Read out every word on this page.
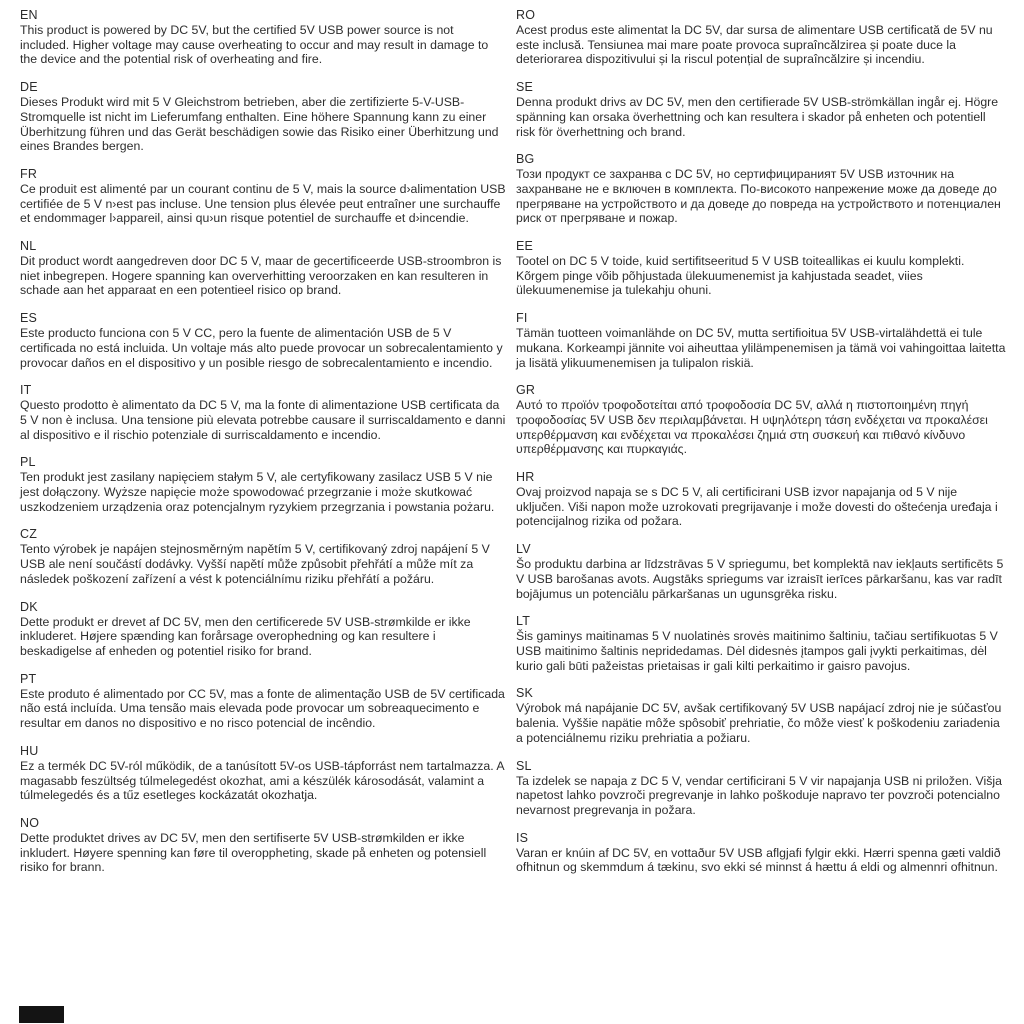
EN
This product is powered by DC 5V, but the certified 5V USB power source is not included. Higher voltage may cause overheating to occur and may result in damage to the device and the potential risk of overheating and fire.
DE
Dieses Produkt wird mit 5 V Gleichstrom betrieben, aber die zertifizierte 5-V-USB-Stromquelle ist nicht im Lieferumfang enthalten. Eine höhere Spannung kann zu einer Überhitzung führen und das Gerät beschädigen sowie das Risiko einer Überhitzung und eines Brandes bergen.
FR
Ce produit est alimenté par un courant continu de 5 V, mais la source d›alimentation USB certifiée de 5 V n›est pas incluse. Une tension plus élevée peut entraîner une surchauffe et endommager l›appareil, ainsi qu›un risque potentiel de surchauffe et d›incendie.
NL
Dit product wordt aangedreven door DC 5 V, maar de gecertificeerde USB-stroombron is niet inbegrepen. Hogere spanning kan oververhitting veroorzaken en kan resulteren in schade aan het apparaat en een potentieel risico op brand.
ES
Este producto funciona con 5 V CC, pero la fuente de alimentación USB de 5 V certificada no está incluida. Un voltaje más alto puede provocar un sobrecalentamiento y provocar daños en el dispositivo y un posible riesgo de sobrecalentamiento e incendio.
IT
Questo prodotto è alimentato da DC 5 V, ma la fonte di alimentazione USB certificata da 5 V non è inclusa. Una tensione più elevata potrebbe causare il surriscaldamento e danni al dispositivo e il rischio potenziale di surriscaldamento e incendio.
PL
Ten produkt jest zasilany napięciem stałym 5 V, ale certyfikowany zasilacz USB 5 V nie jest dołączony. Wyższe napięcie może spowodować przegrzanie i może skutkować uszkodzeniem urządzenia oraz potencjalnym ryzykiem przegrzania i powstania pożaru.
CZ
Tento výrobek je napájen stejnosměrným napětím 5 V, certifikovaný zdroj napájení 5 V USB ale není součástí dodávky. Vyšší napětí může způsobit přehřátí a může mít za následek poškození zařízení a vést k potenciálnímu riziku přehřátí a požáru.
DK
Dette produkt er drevet af DC 5V, men den certificerede 5V USB-strømkilde er ikke inkluderet. Højere spænding kan forårsage overophedning og kan resultere i beskadigelse af enheden og potentiel risiko for brand.
PT
Este produto é alimentado por CC 5V, mas a fonte de alimentação USB de 5V certificada não está incluída. Uma tensão mais elevada pode provocar um sobreaquecimento e resultar em danos no dispositivo e no risco potencial de incêndio.
HU
Ez a termék DC 5V-ról működik, de a tanúsított 5V-os USB-tápforrást nem tartalmazza. A magasabb feszültség túlmelegedést okozhat, ami a készülék károsodását, valamint a túlmelegedés és a tűz esetleges kockázatát okozhatja.
NO
Dette produktet drives av DC 5V, men den sertifiserte 5V USB-strømkilden er ikke inkludert. Høyere spenning kan føre til overoppheting, skade på enheten og potensiell risiko for brann.
RO
Acest produs este alimentat la DC 5V, dar sursa de alimentare USB certificată de 5V nu este inclusă. Tensiunea mai mare poate provoca supraîncălzirea și poate duce la deteriorarea dispozitivului și la riscul potențial de supraîncălzire și incendiu.
SE
Denna produkt drivs av DC 5V, men den certifierade 5V USB-strömkällan ingår ej. Högre spänning kan orsaka överhettning och kan resultera i skador på enheten och potentiell risk för överhettning och brand.
BG
Този продукт се захранва с DC 5V, но сертифицираният 5V USB източник на захранване не е включен в комплекта. По-високото напрежение може да доведе до прегряване на устройството и да доведе до повреда на устройството и потенциален риск от прегряване и пожар.
EE
Tootel on DC 5 V toide, kuid sertifitseeritud 5 V USB toiteallikas ei kuulu komplekti. Kõrgem pinge võib põhjustada ülekuumenemist ja kahjustada seadet, viies ülekuumenemise ja tulekahju ohuni.
FI
Tämän tuotteen voimanlähde on DC 5V, mutta sertifioitua 5V USB-virtalähdettä ei tule mukana. Korkeampi jännite voi aiheuttaa ylilämpenemisen ja tämä voi vahingoittaa laitetta ja lisätä ylikuumenemisen ja tulipalon riskiä.
GR
Αυτό το προϊόν τροφοδοτείται από τροφοδοσία DC 5V, αλλά η πιστοποιημένη πηγή τροφοδοσίας 5V USB δεν περιλαμβάνεται. Η υψηλότερη τάση ενδέχεται να προκαλέσει υπερθέρμανση και ενδέχεται να προκαλέσει ζημιά στη συσκευή και πιθανό κίνδυνο υπερθέρμανσης και πυρκαγιάς.
HR
Ovaj proizvod napaja se s DC 5 V, ali certificirani USB izvor napajanja od 5 V nije uključen. Viši napon može uzrokovati pregrijavanje i može dovesti do oštećenja uređaja i potencijalnog rizika od požara.
LV
Šo produktu darbina ar līdzstrāvas 5 V spriegumu, bet komplektā nav iekļauts sertificēts 5 V USB barošanas avots. Augstāks spriegums var izraisīt ierīces pārkaršanu, kas var radīt bojājumus un potenciālu pārkaršanas un ugunsgrēka risku.
LT
Šis gaminys maitinamas 5 V nuolatinės srovės maitinimo šaltiniu, tačiau sertifikuotas 5 V USB maitinimo šaltinis nepridedamas. Dėl didesnės įtampos gali įvykti perkaitimas, dėl kurio gali būti pažeistas prietaisas ir gali kilti perkaitimo ir gaisro pavojus.
SK
Výrobok má napájanie DC 5V, avšak certifikovaný 5V USB napájací zdroj nie je súčasťou balenia. Vyššie napätie môže spôsobiť prehriatie, čo môže viesť k poškodeniu zariadenia a potenciálnemu riziku prehriatia a požiaru.
SL
Ta izdelek se napaja z DC 5 V, vendar certificirani 5 V vir napajanja USB ni priložen. Višja napetost lahko povzroči pregrevanje in lahko poškoduje napravo ter povzroči potencialno nevarnost pregrevanja in požara.
IS
Varan er knúin af DC 5V, en vottaður 5V USB aflgjafi fylgir ekki. Hærri spenna gæti valdið ofhitnun og skemmdum á tækinu, svo ekki sé minnst á hættu á eldi og almennri ofhitnun.
